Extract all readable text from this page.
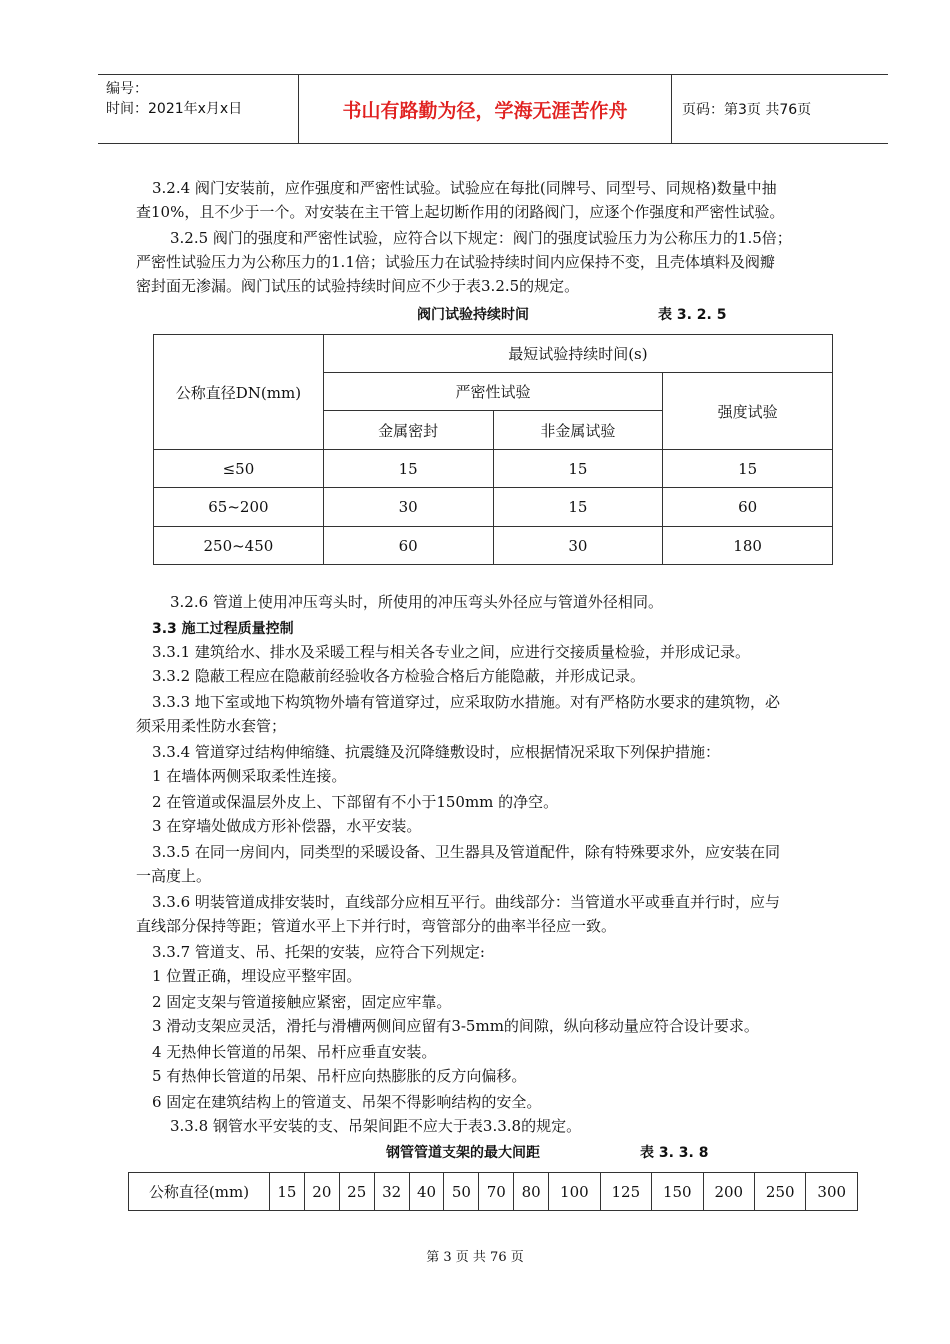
编号：
时间：2021年x月x日	书山有路勤为径，学海无涯苦作舟	页码：第3页 共76页
3.2.4 阀门安装前，应作强度和严密性试验。试验应在每批(同牌号、同型号、同规格)数量中抽
查10%，且不少于一个。对安装在主干管上起切断作用的闭路阀门，应逐个作强度和严密性试验。
3.2.5 阀门的强度和严密性试验，应符合以下规定：阀门的强度试验压力为公称压力的1.5倍；
严密性试验压力为公称压力的1.1倍；试验压力在试验持续时间内应保持不变，且壳体填料及阀瓣
密封面无渗漏。阀门试压的试验持续时间应不少于表3.2.5的规定。
阀门试验持续时间	表 3. 2. 5
公称直径DN(mm)	最短试验持续时间(s)		
	严密性试验		强度试验
	金属密封	非金属试验	
≤50	15	15	15
65~200	30	15	60
250~450	60	30	180
3.2.6 管道上使用冲压弯头时，所使用的冲压弯头外径应与管道外径相同。
3.3 施工过程质量控制
3.3.1 建筑给水、排水及采暖工程与相关各专业之间，应进行交接质量检验，并形成记录。
3.3.2 隐蔽工程应在隐蔽前经验收各方检验合格后方能隐蔽，并形成记录。
3.3.3 地下室或地下构筑物外墙有管道穿过，应采取防水措施。对有严格防水要求的建筑物，必
须采用柔性防水套管；
3.3.4 管道穿过结构伸缩缝、抗震缝及沉降缝敷设时，应根据情况采取下列保护措施：
1 在墙体两侧采取柔性连接。
2 在管道或保温层外皮上、下部留有不小于150mm 的净空。
3 在穿墙处做成方形补偿器，水平安装。
3.3.5 在同一房间内，同类型的采暖设备、卫生器具及管道配件，除有特殊要求外，应安装在同
一高度上。
3.3.6 明装管道成排安装时，直线部分应相互平行。曲线部分：当管道水平或垂直并行时，应与
直线部分保持等距；管道水平上下并行时，弯管部分的曲率半径应一致。
3.3.7 管道支、吊、托架的安装，应符合下列规定:
1 位置正确，埋设应平整牢固。
2 固定支架与管道接触应紧密，固定应牢靠。
3 滑动支架应灵活，滑托与滑槽两侧间应留有3-5mm的间隙，纵向移动量应符合设计要求。
4 无热伸长管道的吊架、吊杆应垂直安装。
5 有热伸长管道的吊架、吊杆应向热膨胀的反方向偏移。
6 固定在建筑结构上的管道支、吊架不得影响结构的安全。
3.3.8 钢管水平安装的支、吊架间距不应大于表3.3.8的规定。
钢管管道支架的最大间距	表 3. 3. 8
公称直径(mm)	15	20	25	32	40	50	70	80	100	125	150	200	250	300
第 3 页 共 76 页
